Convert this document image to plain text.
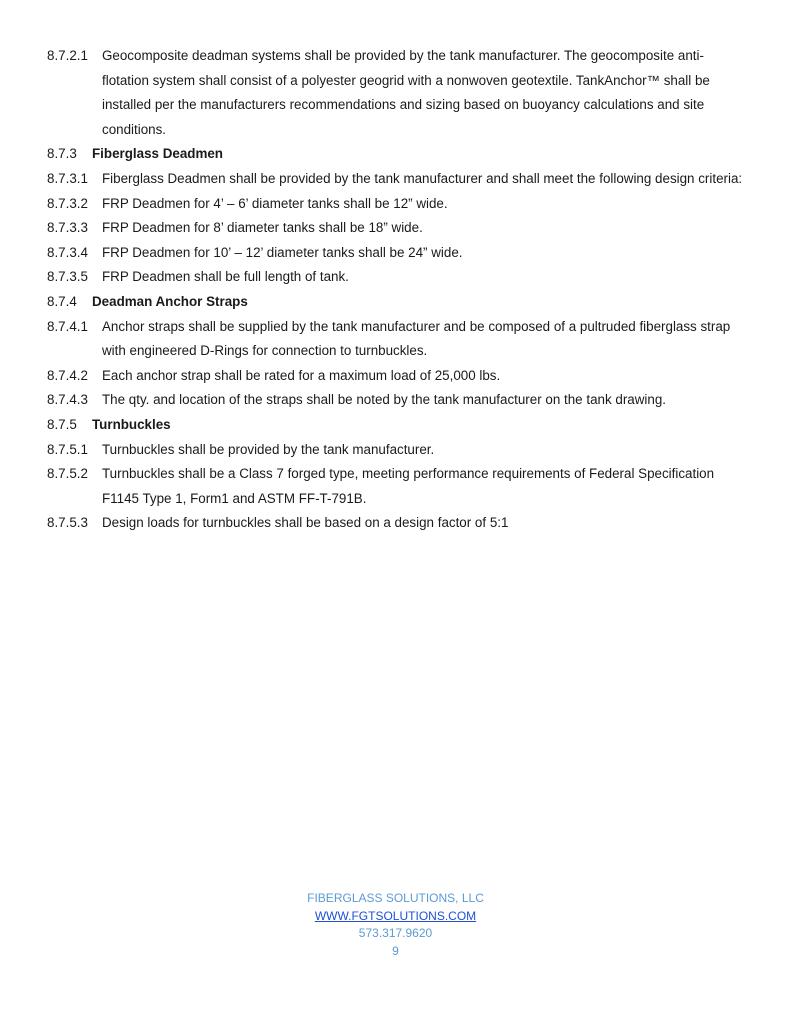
8.7.2.1 Geocomposite deadman systems shall be provided by the tank manufacturer. The geocomposite anti-flotation system shall consist of a polyester geogrid with a nonwoven geotextile. TankAnchor™ shall be installed per the manufacturers recommendations and sizing based on buoyancy calculations and site conditions.
8.7.3 Fiberglass Deadmen
8.7.3.1 Fiberglass Deadmen shall be provided by the tank manufacturer and shall meet the following design criteria:
8.7.3.2 FRP Deadmen for 4’ – 6’ diameter tanks shall be 12” wide.
8.7.3.3 FRP Deadmen for 8’ diameter tanks shall be 18” wide.
8.7.3.4 FRP Deadmen for 10’ – 12’ diameter tanks shall be 24” wide.
8.7.3.5 FRP Deadmen shall be full length of tank.
8.7.4 Deadman Anchor Straps
8.7.4.1 Anchor straps shall be supplied by the tank manufacturer and be composed of a pultruded fiberglass strap with engineered D-Rings for connection to turnbuckles.
8.7.4.2 Each anchor strap shall be rated for a maximum load of 25,000 lbs.
8.7.4.3 The qty. and location of the straps shall be noted by the tank manufacturer on the tank drawing.
8.7.5 Turnbuckles
8.7.5.1 Turnbuckles shall be provided by the tank manufacturer.
8.7.5.2 Turnbuckles shall be a Class 7 forged type, meeting performance requirements of Federal Specification F1145 Type 1, Form1 and ASTM FF-T-791B.
8.7.5.3 Design loads for turnbuckles shall be based on a design factor of 5:1
FIBERGLASS SOLUTIONS, LLC
WWW.FGTSOLUTIONS.COM
573.317.9620
9
